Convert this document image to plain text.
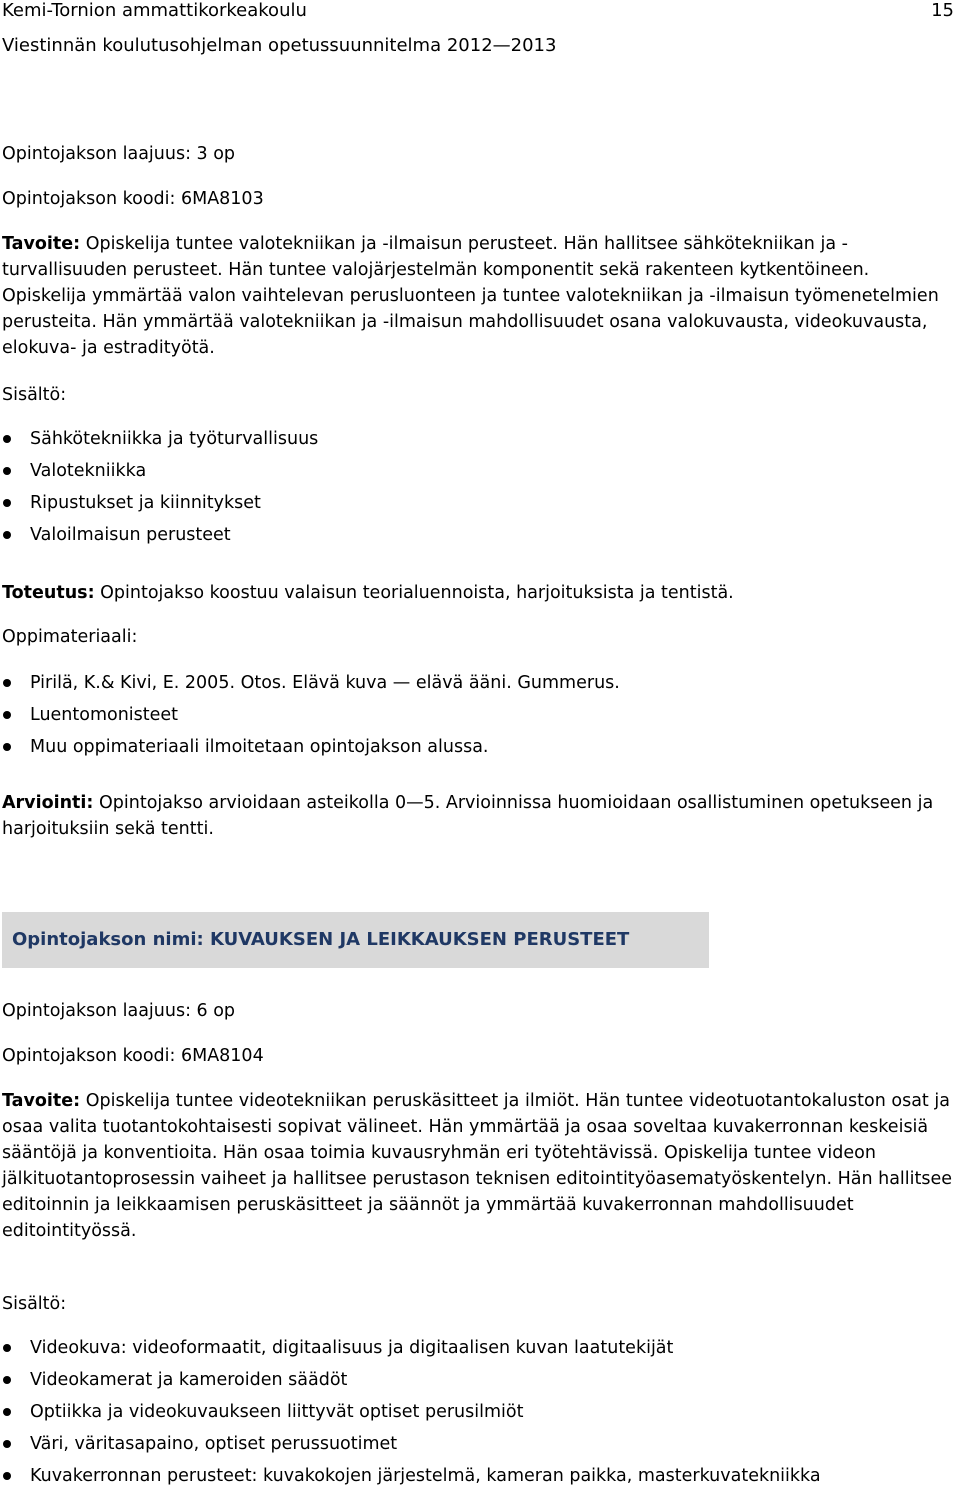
Kemi-Tornion ammattikorkeakoulu
Viestinnän koulutusohjelman opetussuunnitelma 2012—2013
15
Opintojakson laajuus: 3 op
Opintojakson koodi: 6MA8103
Tavoite: Opiskelija tuntee valotekniikan ja -ilmaisun perusteet. Hän hallitsee sähkötekniikan ja -turvallisuuden perusteet. Hän tuntee valojärjestelmän komponentit sekä rakenteen kytkentöineen. Opiskelija ymmärtää valon vaihtelevan perusluonteen ja tuntee valotekniikan ja -ilmaisun työmenetelmien perusteita. Hän ymmärtää valotekniikan ja -ilmaisun mahdollisuudet osana valokuvausta, videokuvausta, elokuva- ja estradityötä.
Sisältö:
Sähkötekniikka ja työturvallisuus
Valotekniikka
Ripustukset ja kiinnitykset
Valoilmaisun perusteet
Toteutus: Opintojakso koostuu valaisun teorialuennoista, harjoituksista ja tentistä.
Oppimateriaali:
Pirilä, K.& Kivi, E. 2005. Otos. Elävä kuva — elävä ääni. Gummerus.
Luentomonisteet
Muu oppimateriaali ilmoitetaan opintojakson alussa.
Arviointi: Opintojakso arvioidaan asteikolla 0—5. Arvioinnissa huomioidaan osallistuminen opetukseen ja harjoituksiin sekä tentti.
Opintojakson nimi: KUVAUKSEN JA LEIKKAUKSEN PERUSTEET
Opintojakson laajuus: 6 op
Opintojakson koodi: 6MA8104
Tavoite: Opiskelija tuntee videotekniikan peruskäsitteet ja ilmiöt. Hän tuntee videotuotantokaluston osat ja osaa valita tuotantokohtaisesti sopivat välineet. Hän ymmärtää ja osaa soveltaa kuvakerronnan keskeisiä sääntöjä ja konventioita. Hän osaa toimia kuvausryhmän eri työtehtävissä. Opiskelija tuntee videon jälkituotantoprosessin vaiheet ja hallitsee perustason teknisen editointityöasematyöskentelyn. Hän hallitsee editoinnin ja leikkaamisen peruskäsitteet ja säännöt ja ymmärtää kuvakerronnan mahdollisuudet editointityössä.
Sisältö:
Videokuva: videoformaatit, digitaalisuus ja digitaalisen kuvan laatutekijät
Videokamerat ja kameroiden säädöt
Optiikka ja videokuvaukseen liittyvät optiset perusilmiöt
Väri, väritasapaino, optiset perussuotimet
Kuvakerronnan perusteet: kuvakokojen järjestelmä, kameran paikka, masterkuvatekniikka
